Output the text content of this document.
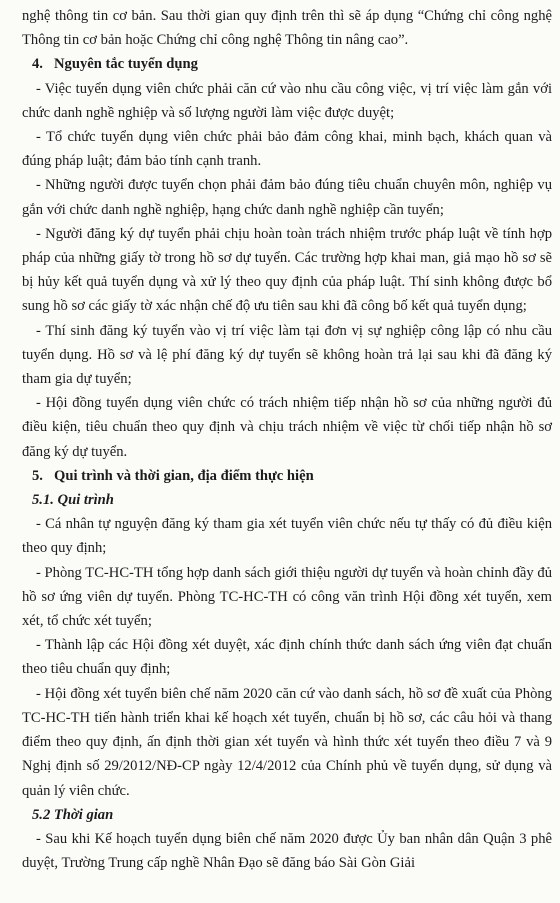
nghệ thông tin cơ bản. Sau thời gian quy định trên thì sẽ áp dụng “Chứng chỉ công nghệ Thông tin cơ bản hoặc Chứng chỉ công nghệ Thông tin nâng cao”.

4. Nguyên tắc tuyển dụng

- Việc tuyển dụng viên chức phải căn cứ vào nhu cầu công việc, vị trí việc làm gắn với chức danh nghề nghiệp và số lượng người làm việc được duyệt;

- Tổ chức tuyển dụng viên chức phải bảo đảm công khai, minh bạch, khách quan và đúng pháp luật; đảm bảo tính cạnh tranh.

- Những người được tuyển chọn phải đảm bảo đúng tiêu chuẩn chuyên môn, nghiệp vụ gắn với chức danh nghề nghiệp, hạng chức danh nghề nghiệp cần tuyển;

- Người đăng ký dự tuyển phải chịu hoàn toàn trách nhiệm trước pháp luật về tính hợp pháp của những giấy tờ trong hồ sơ dự tuyển. Các trường hợp khai man, giả mạo hồ sơ sẽ bị hủy kết quả tuyển dụng và xử lý theo quy định của pháp luật. Thí sinh không được bổ sung hồ sơ các giấy tờ xác nhận chế độ ưu tiên sau khi đã công bố kết quả tuyển dụng;

- Thí sinh đăng ký tuyển vào vị trí việc làm tại đơn vị sự nghiệp công lập có nhu cầu tuyển dụng. Hồ sơ và lệ phí đăng ký dự tuyển sẽ không hoàn trả lại sau khi đã đăng ký tham gia dự tuyển;

- Hội đồng tuyển dụng viên chức có trách nhiệm tiếp nhận hồ sơ của những người đủ điều kiện, tiêu chuẩn theo quy định và chịu trách nhiệm về việc từ chối tiếp nhận hồ sơ đăng ký dự tuyển.

5. Qui trình và thời gian, địa điểm thực hiện

5.1. Qui trình

- Cá nhân tự nguyện đăng ký tham gia xét tuyển viên chức nếu tự thấy có đủ điều kiện theo quy định;

- Phòng TC-HC-TH tổng hợp danh sách giới thiệu người dự tuyển và hoàn chỉnh đầy đủ hồ sơ ứng viên dự tuyển. Phòng TC-HC-TH có công văn trình Hội đồng xét tuyển, xem xét, tổ chức xét tuyển;

- Thành lập các Hội đồng xét duyệt, xác định chính thức danh sách ứng viên đạt chuẩn theo tiêu chuẩn quy định;

- Hội đồng xét tuyển biên chế năm 2020 căn cứ vào danh sách, hồ sơ đề xuất của Phòng TC-HC-TH tiến hành triển khai kế hoạch xét tuyển, chuẩn bị hồ sơ, các câu hỏi và thang điểm theo quy định, ấn định thời gian xét tuyển và hình thức xét tuyển theo điều 7 và 9 Nghị định số 29/2012/NĐ-CP ngày 12/4/2012 của Chính phủ về tuyển dụng, sử dụng và quản lý viên chức.

5.2 Thời gian

- Sau khi Kế hoạch tuyển dụng biên chế năm 2020 được Ủy ban nhân dân Quận 3 phê duyệt, Trường Trung cấp nghề Nhân Đạo sẽ đăng báo Sài Gòn Giải
